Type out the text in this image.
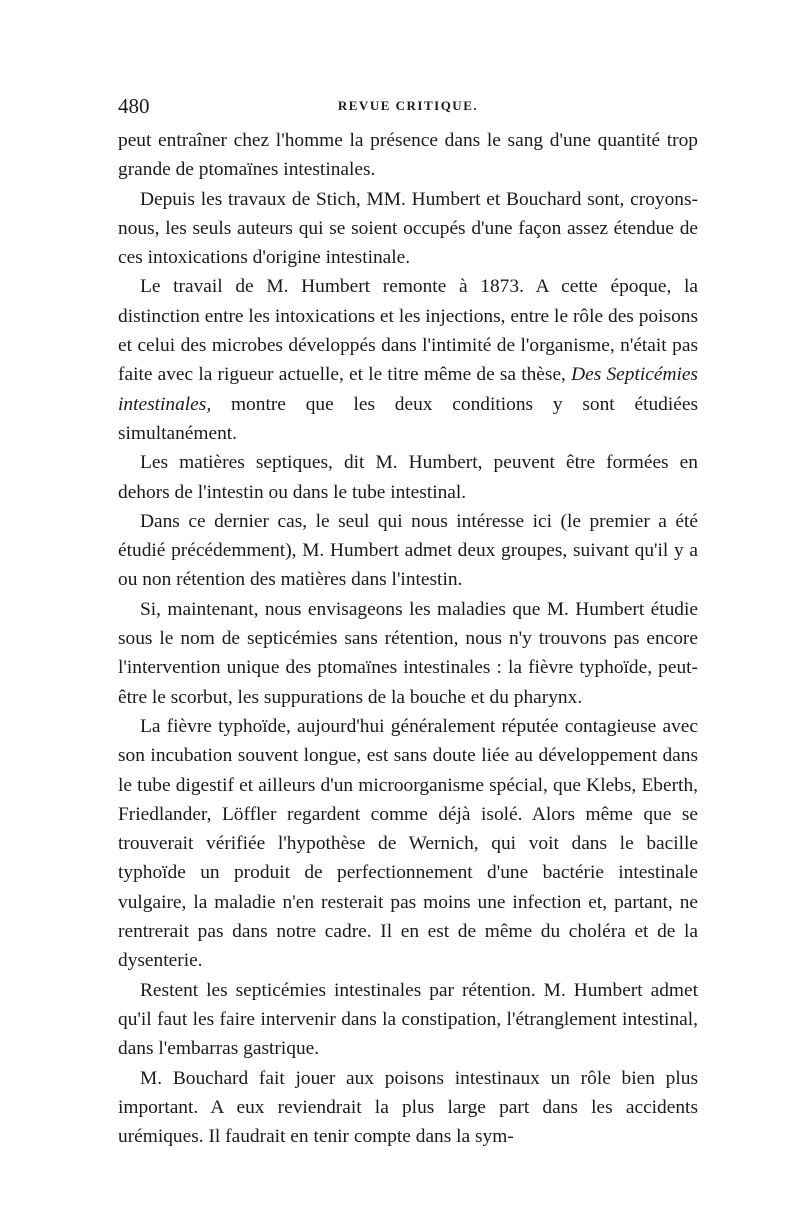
480	REVUE CRITIQUE.

peut entraîner chez l'homme la présence dans le sang d'une quantité trop grande de ptomaïnes intestinales.

Depuis les travaux de Stich, MM. Humbert et Bouchard sont, croyons-nous, les seuls auteurs qui se soient occupés d'une façon assez étendue de ces intoxications d'origine intestinale.

Le travail de M. Humbert remonte à 1873. A cette époque, la distinction entre les intoxications et les injections, entre le rôle des poisons et celui des microbes développés dans l'intimité de l'organisme, n'était pas faite avec la rigueur actuelle, et le titre même de sa thèse, Des Septicémies intestinales, montre que les deux conditions y sont étudiées simultanément.

Les matières septiques, dit M. Humbert, peuvent être formées en dehors de l'intestin ou dans le tube intestinal.

Dans ce dernier cas, le seul qui nous intéresse ici (le premier a été étudié précédemment), M. Humbert admet deux groupes, suivant qu'il y a ou non rétention des matières dans l'intestin.

Si, maintenant, nous envisageons les maladies que M. Humbert étudie sous le nom de septicémies sans rétention, nous n'y trouvons pas encore l'intervention unique des ptomaïnes intestinales : la fièvre typhoïde, peut-être le scorbut, les suppurations de la bouche et du pharynx.

La fièvre typhoïde, aujourd'hui généralement réputée contagieuse avec son incubation souvent longue, est sans doute liée au développement dans le tube digestif et ailleurs d'un microorganisme spécial, que Klebs, Eberth, Friedlander, Löffler regardent comme déjà isolé. Alors même que se trouverait vérifiée l'hypothèse de Wernich, qui voit dans le bacille typhoïde un produit de perfectionnement d'une bactérie intestinale vulgaire, la maladie n'en resterait pas moins une infection et, partant, ne rentrerait pas dans notre cadre. Il en est de même du choléra et de la dysenterie.

Restent les septicémies intestinales par rétention. M. Humbert admet qu'il faut les faire intervenir dans la constipation, l'étranglement intestinal, dans l'embarras gastrique.

M. Bouchard fait jouer aux poisons intestinaux un rôle bien plus important. A eux reviendrait la plus large part dans les accidents urémiques. Il faudrait en tenir compte dans la sym-
